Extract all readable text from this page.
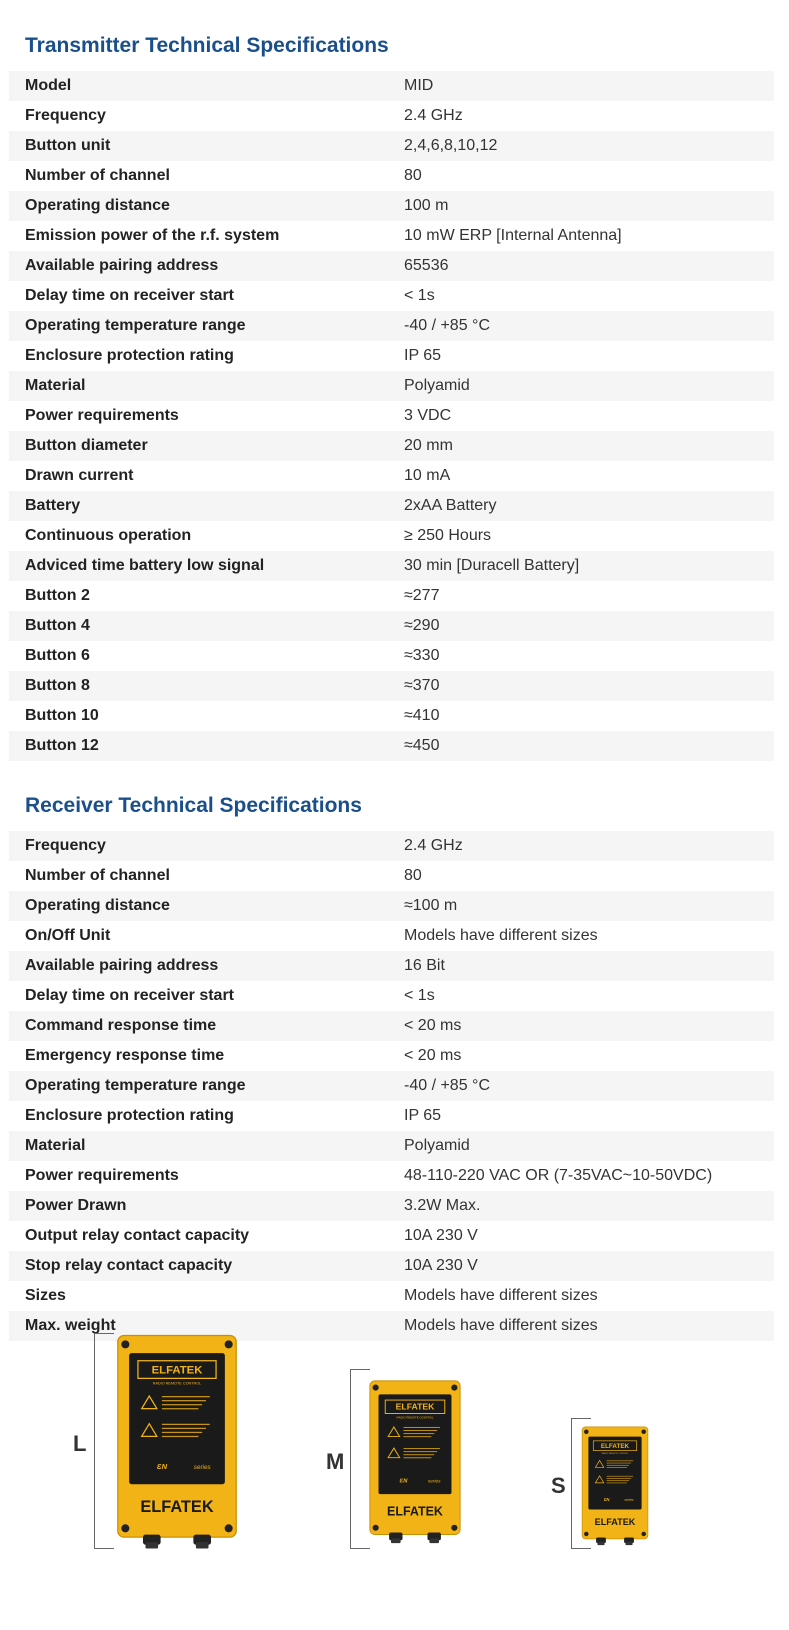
Transmitter Technical Specifications
Model	MID
Frequency	2.4 GHz
Button unit	2,4,6,8,10,12
Number of channel	80
Operating distance	100 m
Emission power of the r.f. system	10 mW ERP [Internal Antenna]
Available pairing address	65536
Delay time on receiver start	< 1s
Operating temperature range	-40 / +85 °C
Enclosure protection rating	IP 65
Material	Polyamid
Power requirements	3 VDC
Button diameter	20 mm
Drawn current	10 mA
Battery	2xAA Battery
Continuous operation	≥ 250 Hours
Adviced time battery low signal	30 min [Duracell Battery]
Button 2	≈277
Button 4	≈290
Button 6	≈330
Button 8	≈370
Button 10	≈410
Button 12	≈450
Receiver Technical Specifications
Frequency	2.4 GHz
Number of channel	80
Operating distance	≈100 m
On/Off Unit	Models have different sizes
Available pairing address	16 Bit
Delay time on receiver start	< 1s
Command response time	< 20 ms
Emergency response time	< 20 ms
Operating temperature range	-40 / +85 °C
Enclosure protection rating	IP 65
Material	Polyamid
Power requirements	48-110-220 VAC OR (7-35VAC~10-50VDC)
Power Drawn	3.2W Max.
Output relay contact capacity	10A 230 V
Stop relay contact capacity	10A 230 V
Sizes	Models have different sizes
Max. weight	Models have different sizes
L
ELFATEK
RADIO REMOTE CONTROL
series
ƐN
ELFATEK
M
ELFATEK
RADIO REMOTE CONTROL
series
ƐN
ELFATEK
S
ELFATEK
RADIO REMOTE CONTROL
series
ƐN
ELFATEK
